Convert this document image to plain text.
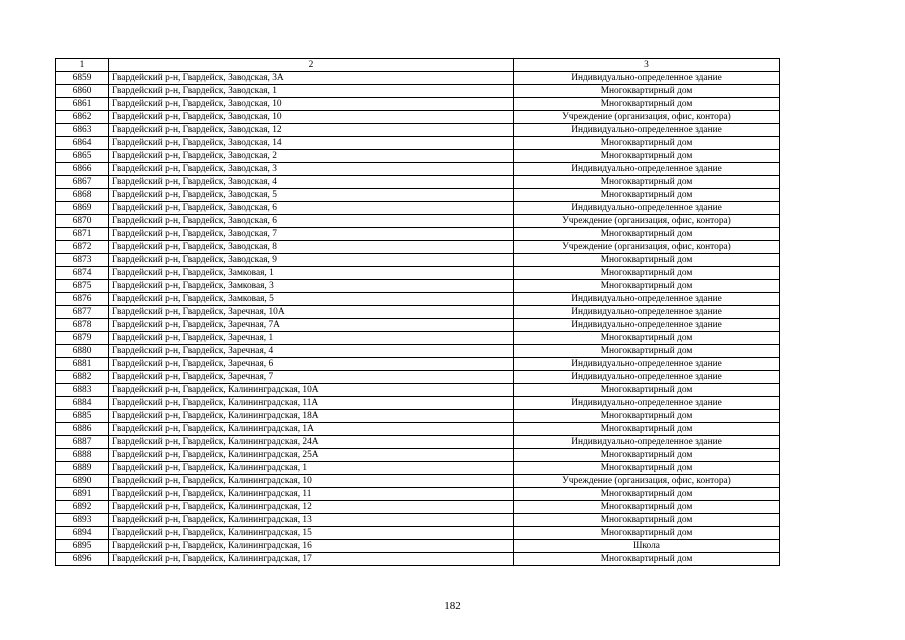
1	2	3
6859	Гвардейский р-н, Гвардейск, Заводская, 3А	Индивидуально-определенное здание
6860	Гвардейский р-н, Гвардейск, Заводская, 1	Многоквартирный дом
6861	Гвардейский р-н, Гвардейск, Заводская, 10	Многоквартирный дом
6862	Гвардейский р-н, Гвардейск, Заводская, 10	Учреждение (организация, офис, контора)
6863	Гвардейский р-н, Гвардейск, Заводская, 12	Индивидуально-определенное здание
6864	Гвардейский р-н, Гвардейск, Заводская, 14	Многоквартирный дом
6865	Гвардейский р-н, Гвардейск, Заводская, 2	Многоквартирный дом
6866	Гвардейский р-н, Гвардейск, Заводская, 3	Индивидуально-определенное здание
6867	Гвардейский р-н, Гвардейск, Заводская, 4	Многоквартирный дом
6868	Гвардейский р-н, Гвардейск, Заводская, 5	Многоквартирный дом
6869	Гвардейский р-н, Гвардейск, Заводская, 6	Индивидуально-определенное здание
6870	Гвардейский р-н, Гвардейск, Заводская, 6	Учреждение (организация, офис, контора)
6871	Гвардейский р-н, Гвардейск, Заводская, 7	Многоквартирный дом
6872	Гвардейский р-н, Гвардейск, Заводская, 8	Учреждение (организация, офис, контора)
6873	Гвардейский р-н, Гвардейск, Заводская, 9	Многоквартирный дом
6874	Гвардейский р-н, Гвардейск, Замковая, 1	Многоквартирный дом
6875	Гвардейский р-н, Гвардейск, Замковая, 3	Многоквартирный дом
6876	Гвардейский р-н, Гвардейск, Замковая, 5	Индивидуально-определенное здание
6877	Гвардейский р-н, Гвардейск, Заречная, 10А	Индивидуально-определенное здание
6878	Гвардейский р-н, Гвардейск, Заречная, 7А	Индивидуально-определенное здание
6879	Гвардейский р-н, Гвардейск, Заречная, 1	Многоквартирный дом
6880	Гвардейский р-н, Гвардейск, Заречная, 4	Многоквартирный дом
6881	Гвардейский р-н, Гвардейск, Заречная, 6	Индивидуально-определенное здание
6882	Гвардейский р-н, Гвардейск, Заречная, 7	Индивидуально-определенное здание
6883	Гвардейский р-н, Гвардейск, Калининградская, 10А	Многоквартирный дом
6884	Гвардейский р-н, Гвардейск, Калининградская, 11А	Индивидуально-определенное здание
6885	Гвардейский р-н, Гвардейск, Калининградская, 18А	Многоквартирный дом
6886	Гвардейский р-н, Гвардейск, Калининградская, 1А	Многоквартирный дом
6887	Гвардейский р-н, Гвардейск, Калининградская, 24А	Индивидуально-определенное здание
6888	Гвардейский р-н, Гвардейск, Калининградская, 25А	Многоквартирный дом
6889	Гвардейский р-н, Гвардейск, Калининградская, 1	Многоквартирный дом
6890	Гвардейский р-н, Гвардейск, Калининградская, 10	Учреждение (организация, офис, контора)
6891	Гвардейский р-н, Гвардейск, Калининградская, 11	Многоквартирный дом
6892	Гвардейский р-н, Гвардейск, Калининградская, 12	Многоквартирный дом
6893	Гвардейский р-н, Гвардейск, Калининградская, 13	Многоквартирный дом
6894	Гвардейский р-н, Гвардейск, Калининградская, 15	Многоквартирный дом
6895	Гвардейский р-н, Гвардейск, Калининградская, 16	Школа
6896	Гвардейский р-н, Гвардейск, Калининградская, 17	Многоквартирный дом
182
